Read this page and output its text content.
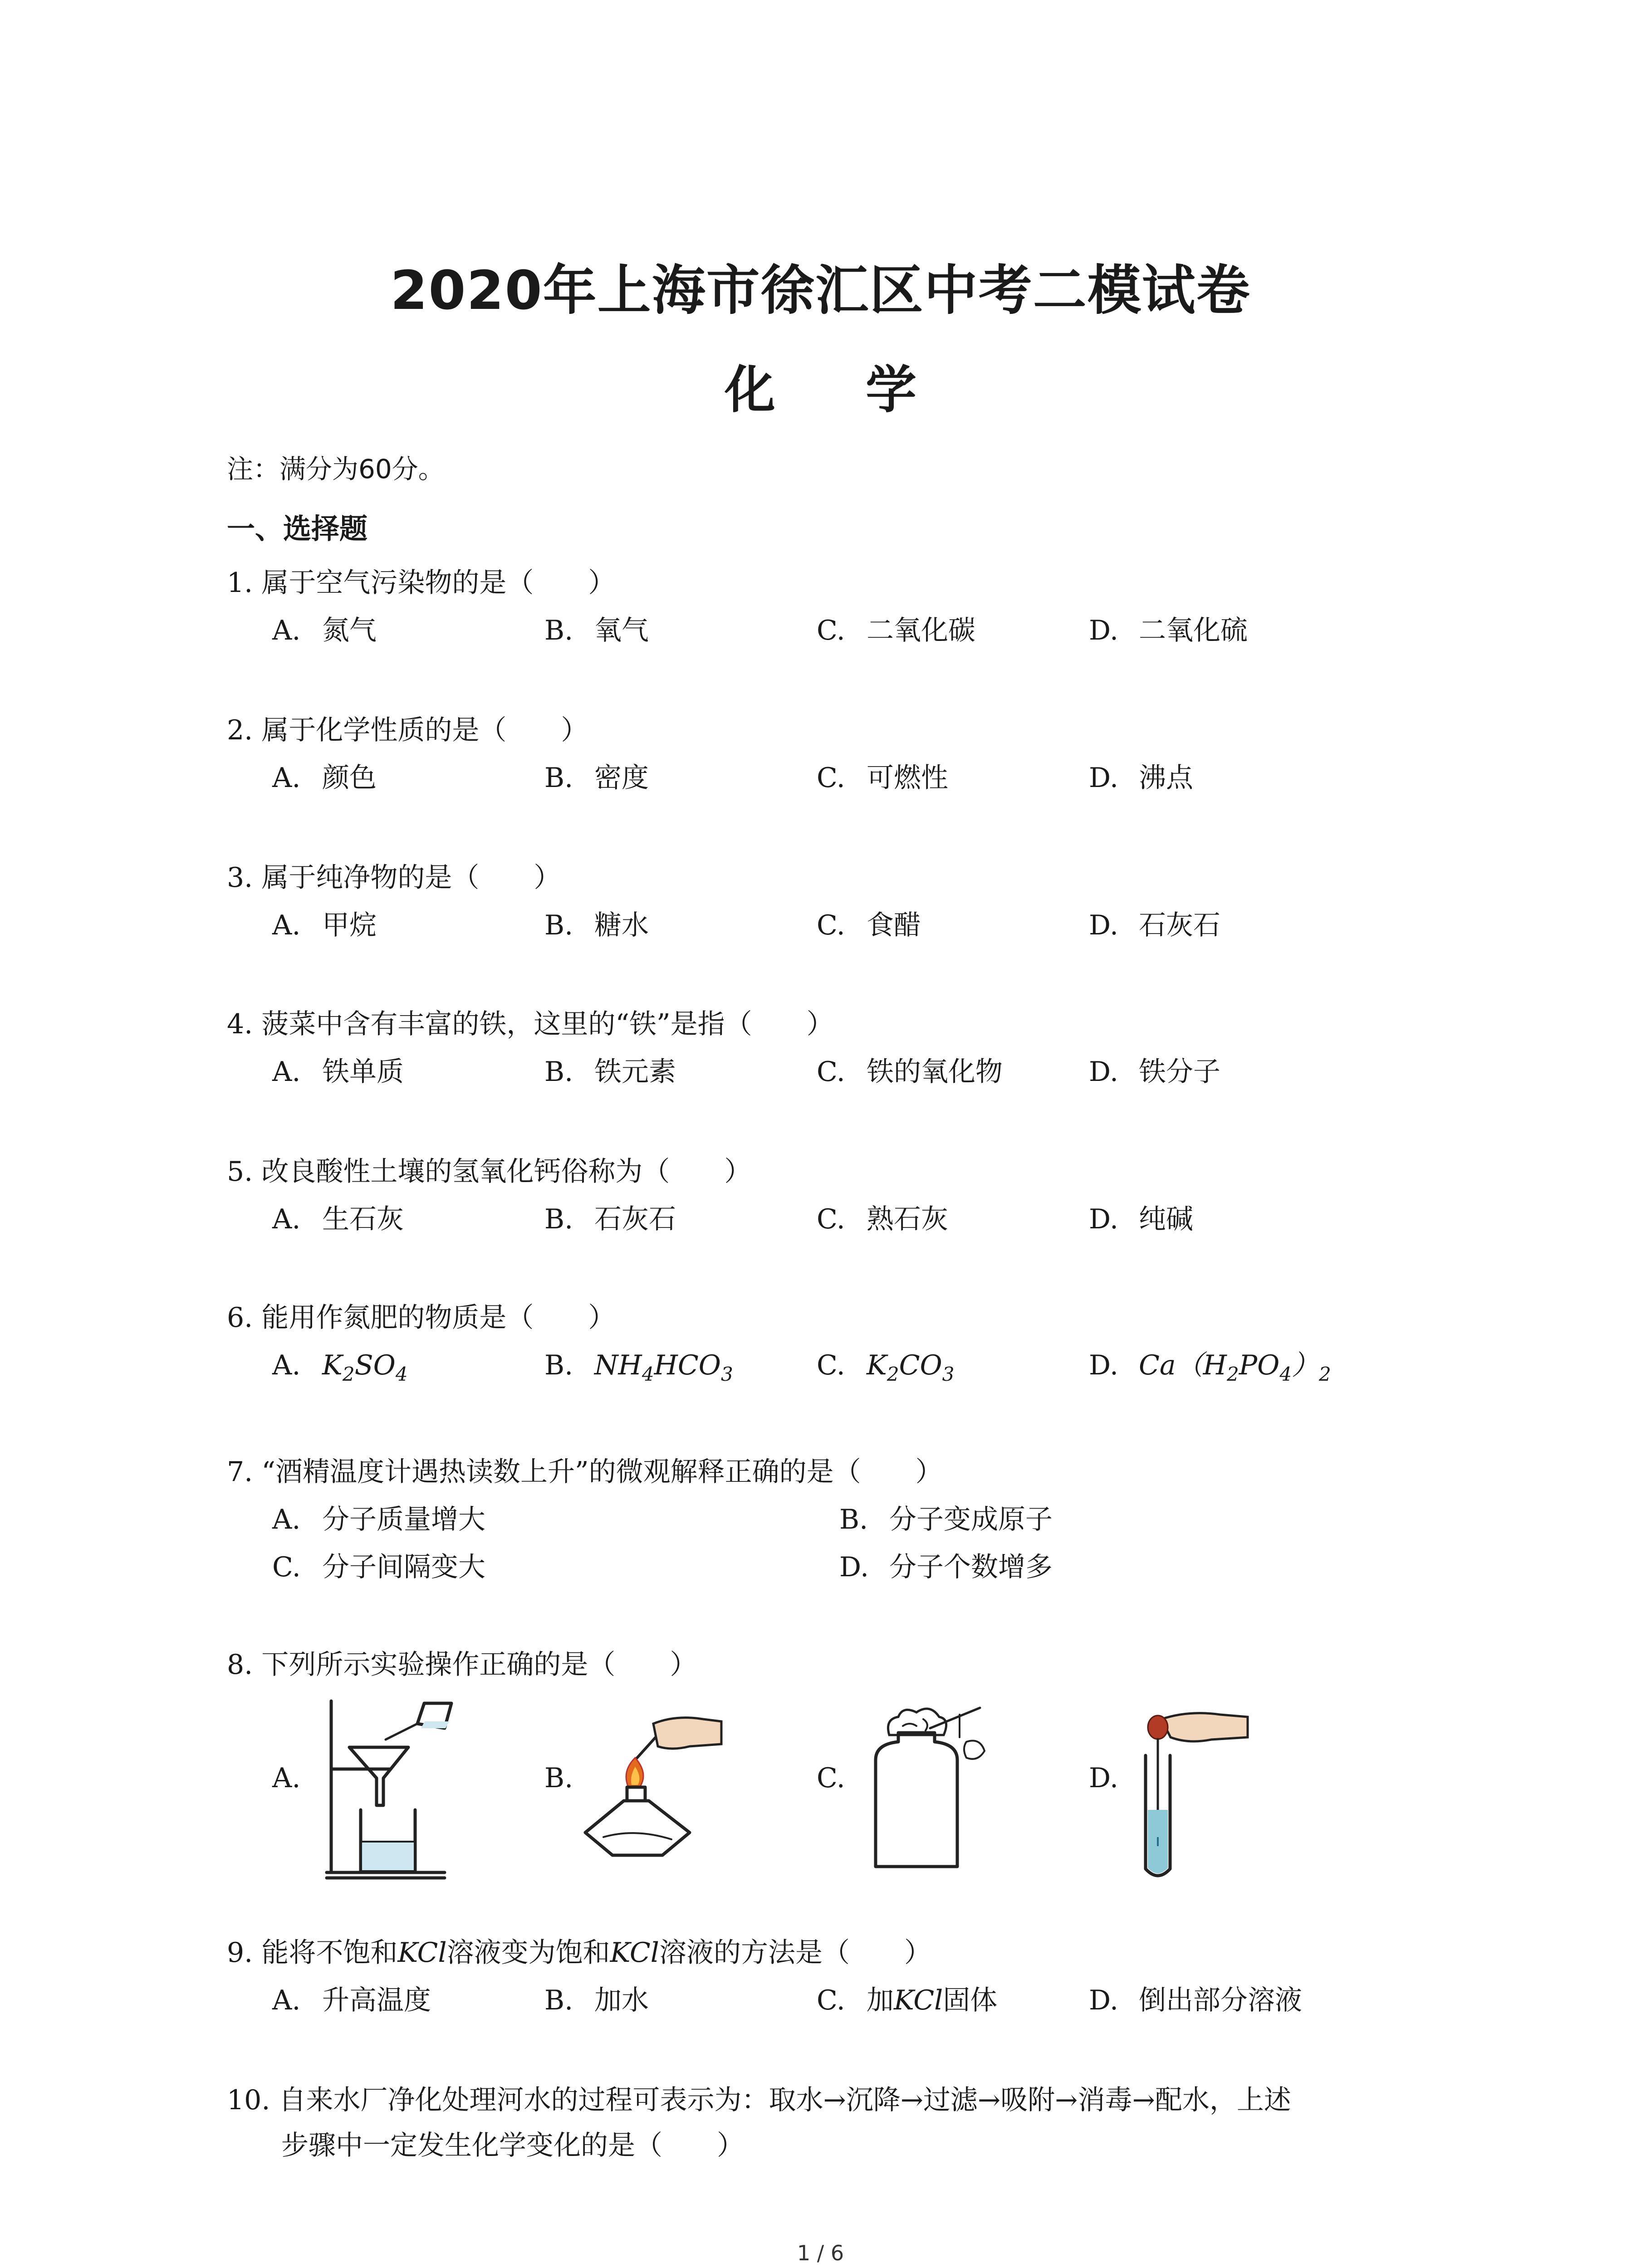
2020年上海市徐汇区中考二模试卷
化 学
注：满分为60分。
一、选择题
1. 属于空气污染物的是（　　）
A. 氮气	B. 氧气	C. 二氧化碳	D. 二氧化硫
2. 属于化学性质的是（　　）
A. 颜色	B. 密度	C. 可燃性	D. 沸点
3. 属于纯净物的是（　　）
A. 甲烷	B. 糖水	C. 食醋	D. 石灰石
4. 菠菜中含有丰富的铁，这里的“铁”是指（　　）
A. 铁单质	B. 铁元素	C. 铁的氧化物	D. 铁分子
5. 改良酸性土壤的氢氧化钙俗称为（　　）
A. 生石灰	B. 石灰石	C. 熟石灰	D. 纯碱
6. 能用作氮肥的物质是（　　）
A. $K_2SO_4$	B. $NH_4HCO_3$	C. $K_2CO_3$	D. $Ca(H_2PO_4)_2$
7. “酒精温度计遇热读数上升”的微观解释正确的是（　　）
A. 分子质量增大	B. 分子变成原子
C. 分子间隔变大	D. 分子个数增多
8. 下列所示实验操作正确的是（　　）
A.	B.	C.	D.
9. 能将不饱和KCl溶液变为饱和KCl溶液的方法是（　　）
A. 升高温度	B. 加水	C. 加KCl固体	D. 倒出部分溶液
10. 自来水厂净化处理河水的过程可表示为：取水→沉降→过滤→吸附→消毒→配水，上述
步骤中一定发生化学变化的是（　　）
1 / 6
